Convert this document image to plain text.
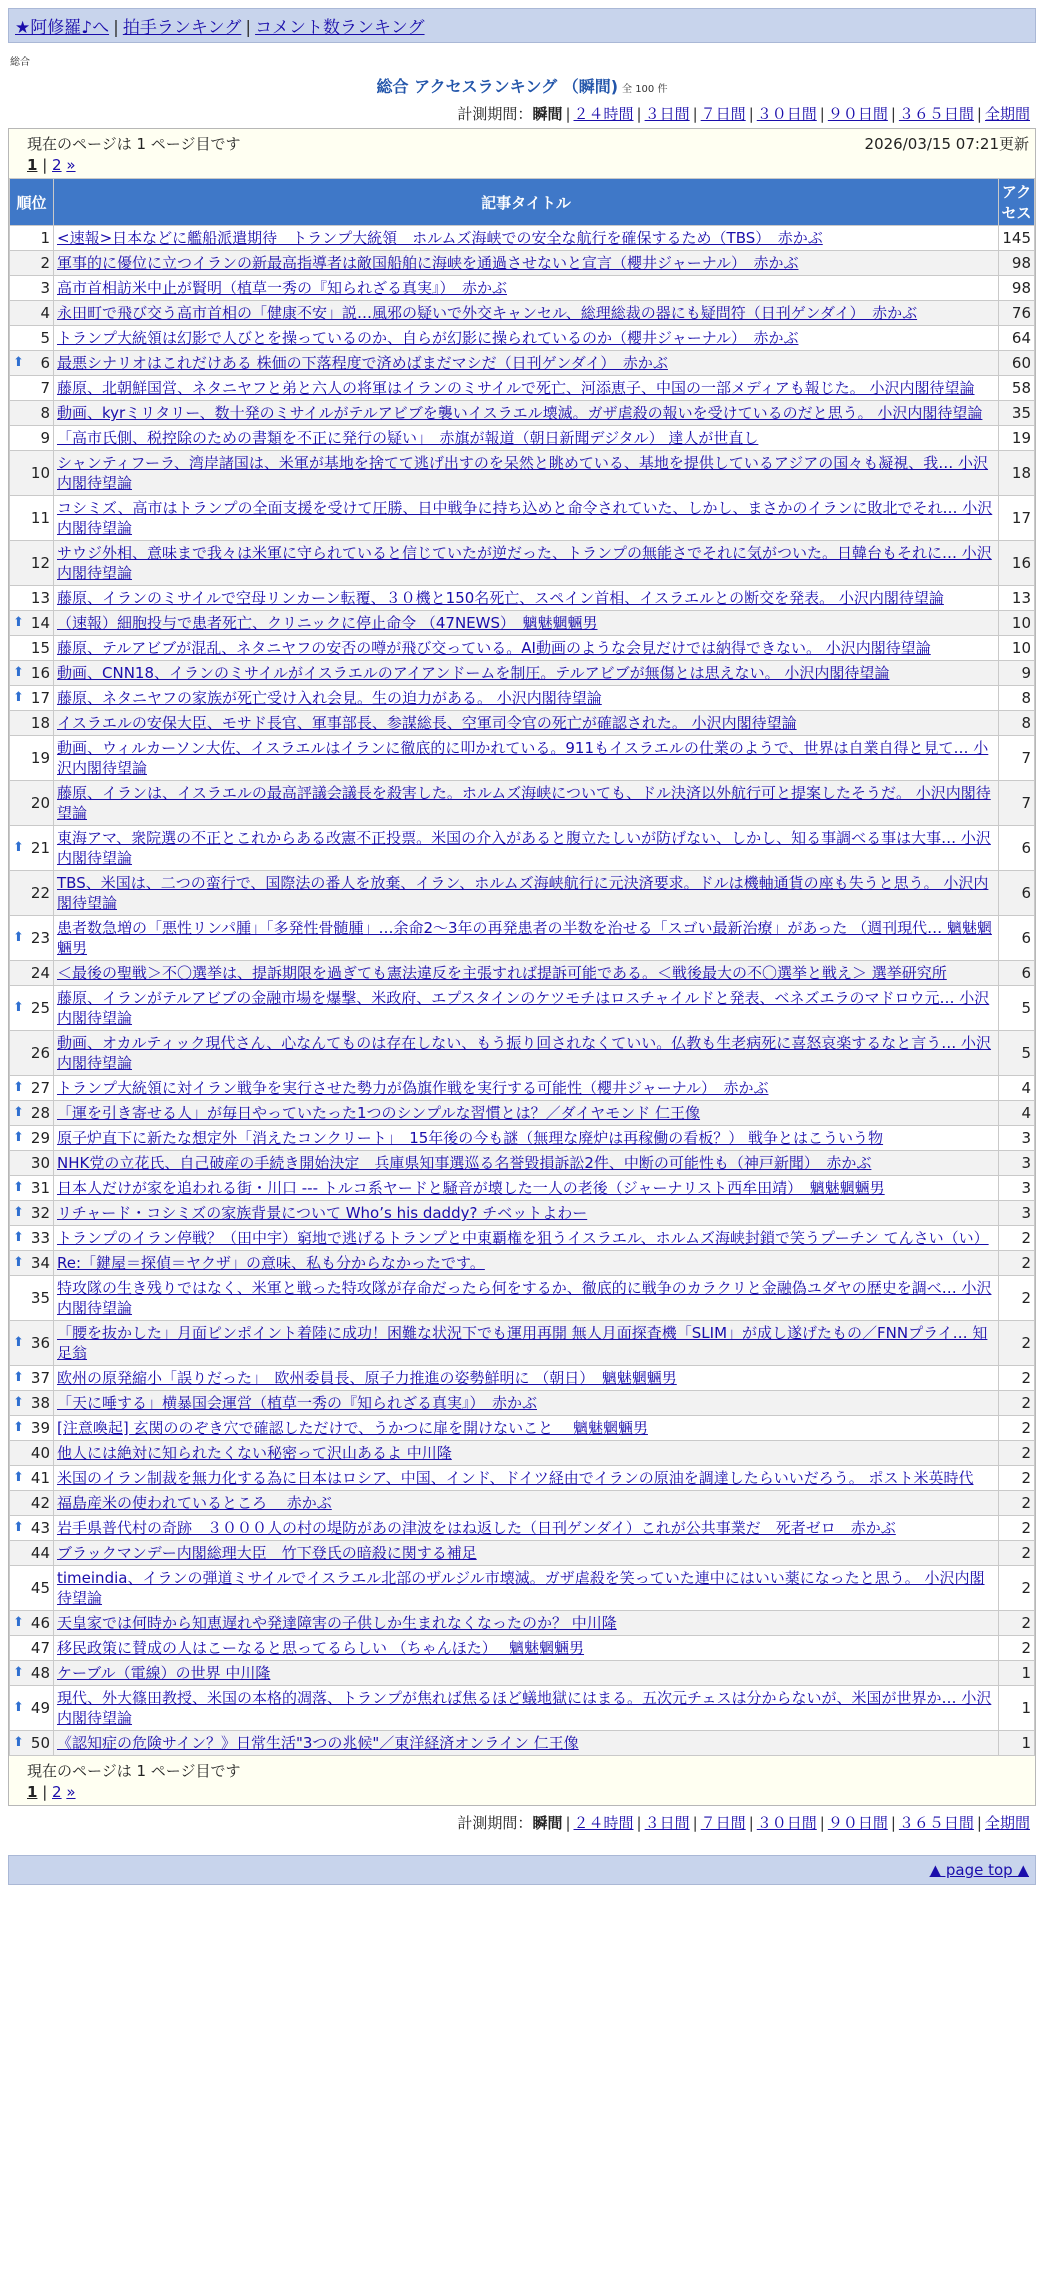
★阿修羅♪へ | 拍手ランキング | コメント数ランキング
総合
総合 アクセスランキング （瞬間) 全 100 件
計測期間：瞬間 | ２４時間 | ３日間 | ７日間 | ３０日間 | ９０日間 | ３６５日間 | 全期間
現在のページは 1 ページ目です	2026/03/15 07:21更新
1 | 2 »
順位	記事タイトル	アクセス
1	<速報>日本などに艦船派遣期待　トランプ大統領　ホルムズ海峡での安全な航行を確保するため（TBS）　赤かぶ	145
2	軍事的に優位に立つイランの新最高指導者は敵国船舶に海峡を通過させないと宣言（櫻井ジャーナル）　赤かぶ	98
3	高市首相訪米中止が賢明（植草一秀の『知られざる真実』）　赤かぶ	98
4	永田町で飛び交う高市首相の「健康不安」説…風邪の疑いで外交キャンセル、総理総裁の器にも疑問符（日刊ゲンダイ）　赤かぶ	76
5	トランプ大統領は幻影で人びとを操っているのか、自らが幻影に操られているのか（櫻井ジャーナル）　赤かぶ	64

⬆ 6	最悪シナリオはこれだけある 株価の下落程度で済めばまだマシだ（日刊ゲンダイ）　赤かぶ	60
7	藤原、北朝鮮国営、ネタニヤフと弟と六人の将軍はイランのミサイルで死亡、河添恵子、中国の一部メディアも報じた。 小沢内閣待望論	58
8	動画、kyrミリタリー、数十発のミサイルがテルアビブを襲いイスラエル壊滅。ガザ虐殺の報いを受けているのだと思う。 小沢内閣待望論	35
9	「高市氏側、税控除のための書類を不正に発行の疑い」　赤旗が報道（朝日新聞デジタル） 達人が世直し	19
10	シャンティフーラ、湾岸諸国は、米軍が基地を捨てて逃げ出すのを呆然と眺めている、基地を提供しているアジアの国々も凝視、我… 小沢内閣待望論	18
11	コシミズ、高市はトランプの全面支援を受けて圧勝、日中戦争に持ち込めと命令されていた、しかし、まさかのイランに敗北でそれ… 小沢内閣待望論	17
12	サウジ外相、意味まで我々は米軍に守られていると信じていたが逆だった、トランプの無能さでそれに気がついた。日韓台もそれに… 小沢内閣待望論	16
13	藤原、イランのミサイルで空母リンカーン転覆、３０機と150名死亡、スペイン首相、イスラエルとの断交を発表。 小沢内閣待望論	13

⬆ 14	（速報）細胞投与で患者死亡、クリニックに停止命令 （47NEWS）　魑魅魍魎男	10
15	藤原、テルアビブが混乱、ネタニヤフの安否の噂が飛び交っている。AI動画のような会見だけでは納得できない。 小沢内閣待望論	10

⬆ 16	動画、CNN18、イランのミサイルがイスラエルのアイアンドームを制圧。テルアビブが無傷とは思えない。 小沢内閣待望論	9

⬆ 17	藤原、ネタニヤフの家族が死亡受け入れ会見。生の迫力がある。 小沢内閣待望論	8
18	イスラエルの安保大臣、モサド長官、軍事部長、参謀総長、空軍司令官の死亡が確認された。 小沢内閣待望論	8
19	動画、ウィルカーソン大佐、イスラエルはイランに徹底的に叩かれている。911もイスラエルの仕業のようで、世界は自業自得と見て… 小沢内閣待望論	7
20	藤原、イランは、イスラエルの最高評議会議長を殺害した。ホルムズ海峡についても、ドル決済以外航行可と提案したそうだ。 小沢内閣待望論	7

⬆ 21	東海アマ、衆院選の不正とこれからある改憲不正投票。米国の介入があると腹立たしいが防げない、しかし、知る事調べる事は大事… 小沢内閣待望論	6
22	TBS、米国は、二つの蛮行で、国際法の番人を放棄、イラン、ホルムズ海峡航行に元決済要求。ドルは機軸通貨の座も失うと思う。 小沢内閣待望論	6

⬆ 23	患者数急増の「悪性リンパ腫」「多発性骨髄腫」…余命2～3年の再発患者の半数を治せる「スゴい最新治療」があった （週刊現代… 魑魅魍魎男	6
24	＜最後の聖戦＞不〇選挙は、提訴期限を過ぎても憲法違反を主張すれば提訴可能である。＜戦後最大の不〇選挙と戦え＞ 選挙研究所	6

⬆ 25	藤原、イランがテルアビブの金融市場を爆撃、米政府、エプスタインのケツモチはロスチャイルドと発表、ベネズエラのマドロウ元… 小沢内閣待望論	5
26	動画、オカルティック現代さん、心なんてものは存在しない、もう振り回されなくていい。仏教も生老病死に喜怒哀楽するなと言う… 小沢内閣待望論	5

⬆ 27	トランプ大統領に対イラン戦争を実行させた勢力が偽旗作戦を実行する可能性（櫻井ジャーナル）　赤かぶ	4

⬆ 28	「運を引き寄せる人」が毎日やっていたった1つのシンプルな習慣とは？／ダイヤモンド 仁王像	4

⬆ 29	原子炉直下に新たな想定外「消えたコンクリート」　15年後の今も謎（無理な廃炉は再稼働の看板？） 戦争とはこういう物	3
30	NHK党の立花氏、自己破産の手続き開始決定　兵庫県知事選巡る名誉毀損訴訟2件、中断の可能性も（神戸新聞）　赤かぶ	3

⬆ 31	日本人だけが家を追われる街・川口 --- トルコ系ヤードと騒音が壊した一人の老後（ジャーナリスト西牟田靖）　魑魅魍魎男	3

⬆ 32	リチャード・コシミズの家族背景について Who’s his daddy? チベットよわー	3

⬆ 33	トランプのイラン停戦？（田中宇）窮地で逃げるトランプと中東覇権を狙うイスラエル、ホルムズ海峡封鎖で笑うプーチン てんさい（い）	2

⬆ 34	Re:「鍵屋＝探偵＝ヤクザ」の意味、私も分からなかったです。	2
35	特攻隊の生き残りではなく、米軍と戦った特攻隊が存命だったら何をするか、徹底的に戦争のカラクリと金融偽ユダヤの歴史を調べ… 小沢内閣待望論	2

⬆ 36	「腰を抜かした」月面ピンポイント着陸に成功！困難な状況下でも運用再開 無人月面探査機「SLIM」が成し遂げたもの／FNNプライ… 知足翁	2

⬆ 37	欧州の原発縮小「誤りだった」　欧州委員長、原子力推進の姿勢鮮明に （朝日）　魑魅魍魎男	2

⬆ 38	「天に唾する」横暴国会運営（植草一秀の『知られざる真実』）　赤かぶ	2

⬆ 39	[注意喚起] 玄関ののぞき穴で確認しただけで、うかつに扉を開けないこと　 魑魅魍魎男	2
40	他人には絶対に知られたくない秘密って沢山あるよ 中川隆	2

⬆ 41	米国のイラン制裁を無力化する為に日本はロシア、中国、インド、ドイツ経由でイランの原油を調達したらいいだろう。 ポスト米英時代	2
42	福島産米の使われているところ　 赤かぶ	2

⬆ 43	岩手県普代村の奇跡　３０００人の村の堤防があの津波をはね返した（日刊ゲンダイ）これが公共事業だ　死者ゼロ　赤かぶ	2
44	ブラックマンデー内閣総理大臣　竹下登氏の暗殺に関する補足	2
45	timeindia、イランの弾道ミサイルでイスラエル北部のザルジル市壊滅。ガザ虐殺を笑っていた連中にはいい薬になったと思う。 小沢内閣待望論	2

⬆ 46	天皇家では何時から知恵遅れや発達障害の子供しか生まれなくなったのか？ 中川隆	2
47	移民政策に賛成の人はこーなると思ってるらしい （ちゃんほた）　 魑魅魍魎男	2

⬆ 48	ケーブル（電線）の世界 中川隆	1

⬆ 49	現代、外大篠田教授、米国の本格的凋落、トランプが焦れば焦るほど蟻地獄にはまる。五次元チェスは分からないが、米国が世界か… 小沢内閣待望論	1

⬆ 50	《認知症の危険サイン？》日常生活"3つの兆候"／東洋経済オンライン 仁王像	1
現在のページは 1 ページ目です
1 | 2 »
計測期間：瞬間 | ２４時間 | ３日間 | ７日間 | ３０日間 | ９０日間 | ３６５日間 | 全期間
▲ page top ▲
